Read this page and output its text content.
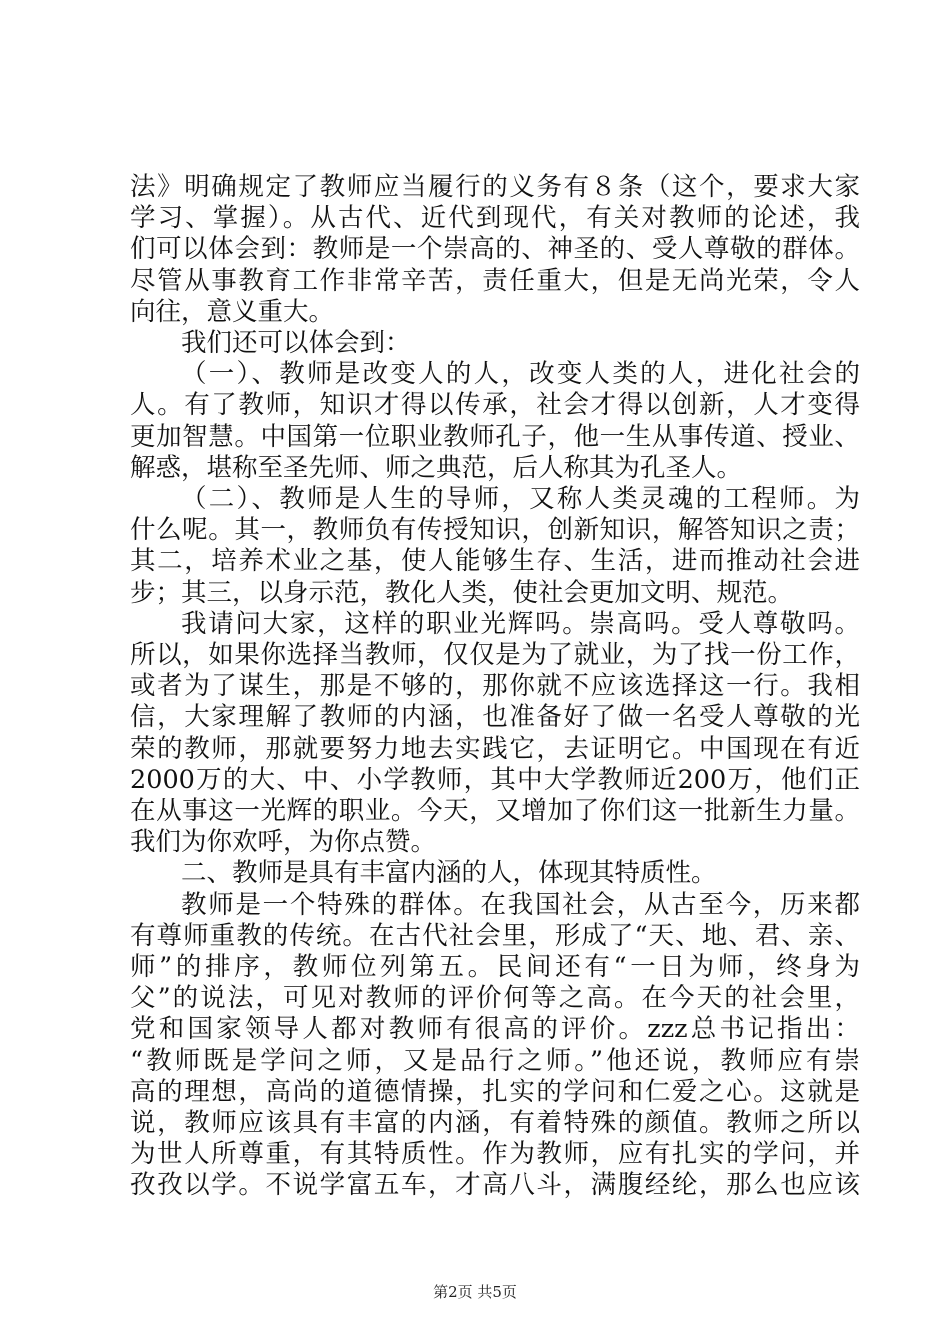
法》明确规定了教师应当履行的义务有８条（这个，要求大家
学习、掌握）。从古代、近代到现代，有关对教师的论述，我
们可以体会到：教师是一个崇高的、神圣的、受人尊敬的群体。
尽管从事教育工作非常辛苦，责任重大，但是无尚光荣，令人
向往，意义重大。
我们还可以体会到：
（一）、教师是改变人的人，改变人类的人，进化社会的
人。有了教师，知识才得以传承，社会才得以创新，人才变得
更加智慧。中国第一位职业教师孔子，他一生从事传道、授业、
解惑，堪称至圣先师、师之典范，后人称其为孔圣人。
（二）、教师是人生的导师，又称人类灵魂的工程师。为
什么呢。其一，教师负有传授知识，创新知识，解答知识之责；
其二，培养术业之基，使人能够生存、生活，进而推动社会进
步；其三，以身示范，教化人类，使社会更加文明、规范。
我请问大家，这样的职业光辉吗。崇高吗。受人尊敬吗。
所以，如果你选择当教师，仅仅是为了就业，为了找一份工作，
或者为了谋生，那是不够的，那你就不应该选择这一行。我相
信，大家理解了教师的内涵，也准备好了做一名受人尊敬的光
荣的教师，那就要努力地去实践它，去证明它。中国现在有近
2000万的大、中、小学教师，其中大学教师近200万，他们正
在从事这一光辉的职业。今天，又增加了你们这一批新生力量。
我们为你欢呼，为你点赞。
二、教师是具有丰富内涵的人，体现其特质性。
教师是一个特殊的群体。在我国社会，从古至今，历来都
有尊师重教的传统。在古代社会里，形成了“天、地、君、亲、
师”的排序，教师位列第五。民间还有“一日为师，终身为
父”的说法，可见对教师的评价何等之高。在今天的社会里，
党和国家领导人都对教师有很高的评价。zzz总书记指出：
“教师既是学问之师，又是品行之师。”他还说，教师应有崇
高的理想，高尚的道德情操，扎实的学问和仁爱之心。这就是
说，教师应该具有丰富的内涵，有着特殊的颜值。教师之所以
为世人所尊重，有其特质性。作为教师，应有扎实的学问，并
孜孜以学。不说学富五车，才高八斗，满腹经纶，那么也应该
第2页 共5页
